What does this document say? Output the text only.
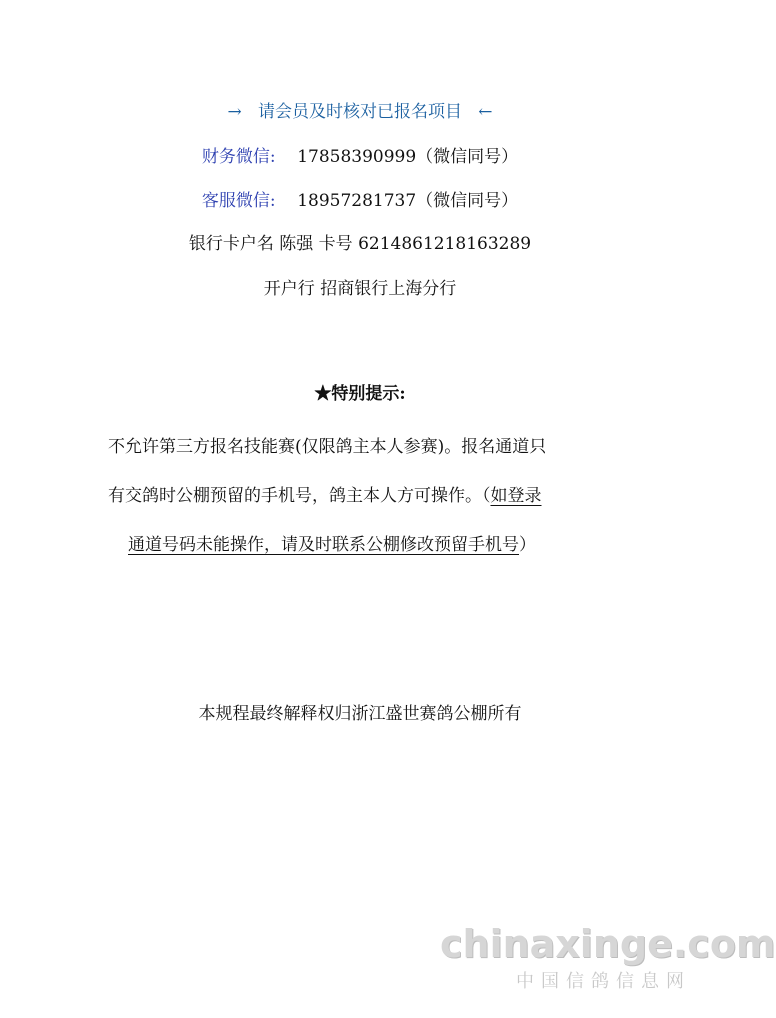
→ 请会员及时核对已报名项目 ←
财务微信: 17858390999（微信同号）
客服微信: 18957281737（微信同号）
银行卡户名 陈强 卡号 6214861218163289
开户行 招商银行上海分行
★特别提示:
不允许第三方报名技能赛(仅限鸽主本人参赛)。报名通道只
有交鸽时公棚预留的手机号，鸽主本人方可操作。（如登录
通道号码未能操作，请及时联系公棚修改预留手机号）
本规程最终解释权归浙江盛世赛鸽公棚所有
chinaxinge.com
中国信鸽信息网
